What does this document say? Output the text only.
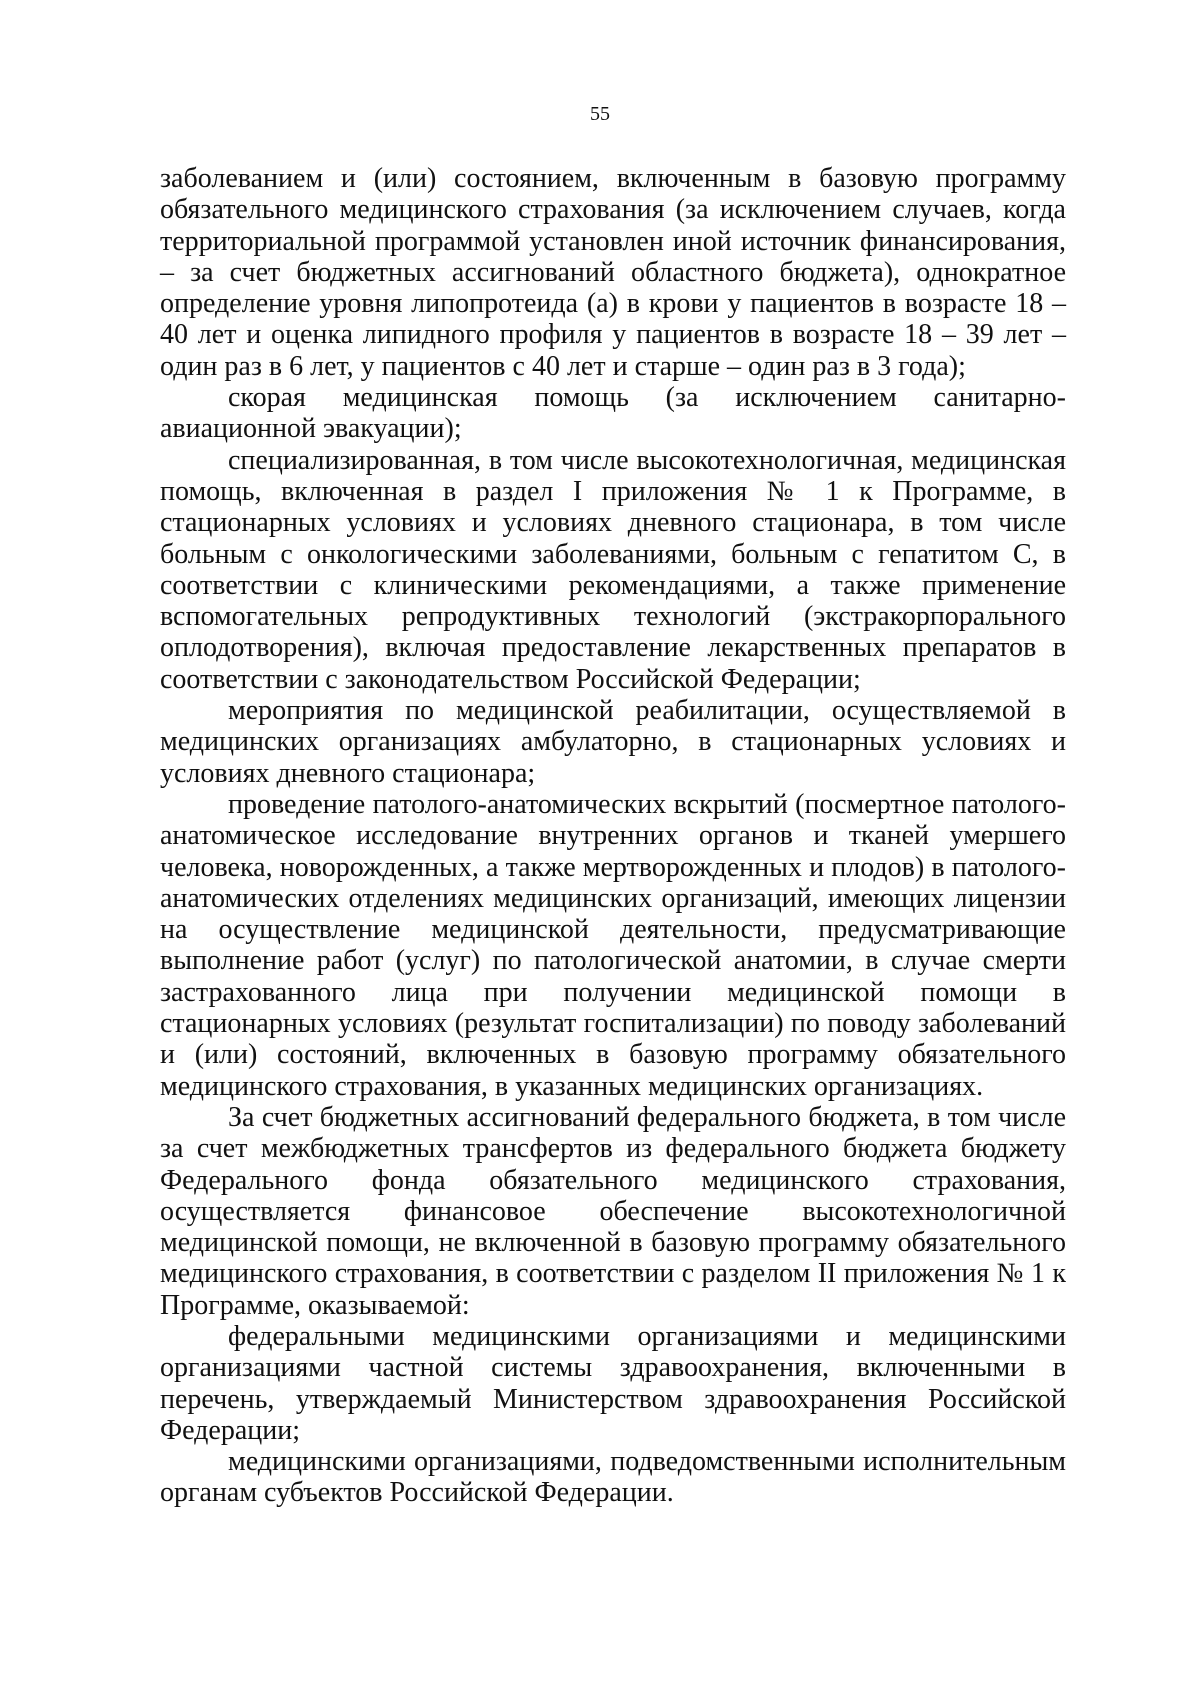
55

заболеванием и (или) состоянием, включенным в базовую программу обязательного медицинского страхования (за исключением случаев, когда территориальной программой установлен иной источник финансирования, – за счет бюджетных ассигнований областного бюджета), однократное определение уровня липопротеида (а) в крови у пациентов в возрасте 18 – 40 лет и оценка липидного профиля у пациентов в возрасте 18 – 39 лет – один раз в 6 лет, у пациентов с 40 лет и старше – один раз в 3 года);

скорая медицинская помощь (за исключением санитарно-авиационной эвакуации);

специализированная, в том числе высокотехнологичная, медицинская помощь, включенная в раздел I приложения № 1 к Программе, в стационарных условиях и условиях дневного стационара, в том числе больным с онкологическими заболеваниями, больным с гепатитом С, в соответствии с клиническими рекомендациями, а также применение вспомогательных репродуктивных технологий (экстракорпорального оплодотворения), включая предоставление лекарственных препаратов в соответствии с законодательством Российской Федерации;

мероприятия по медицинской реабилитации, осуществляемой в медицинских организациях амбулаторно, в стационарных условиях и условиях дневного стационара;

проведение патолого-анатомических вскрытий (посмертное патолого-анатомическое исследование внутренних органов и тканей умершего человека, новорожденных, а также мертворожденных и плодов) в патолого-анатомических отделениях медицинских организаций, имеющих лицензии на осуществление медицинской деятельности, предусматривающие выполнение работ (услуг) по патологической анатомии, в случае смерти застрахованного лица при получении медицинской помощи в стационарных условиях (результат госпитализации) по поводу заболеваний и (или) состояний, включенных в базовую программу обязательного медицинского страхования, в указанных медицинских организациях.

За счет бюджетных ассигнований федерального бюджета, в том числе за счет межбюджетных трансфертов из федерального бюджета бюджету Федерального фонда обязательного медицинского страхования, осуществляется финансовое обеспечение высокотехнологичной медицинской помощи, не включенной в базовую программу обязательного медицинского страхования, в соответствии с разделом II приложения № 1 к Программе, оказываемой:

федеральными медицинскими организациями и медицинскими организациями частной системы здравоохранения, включенными в перечень, утверждаемый Министерством здравоохранения Российской Федерации;

медицинскими организациями, подведомственными исполнительным органам субъектов Российской Федерации.
